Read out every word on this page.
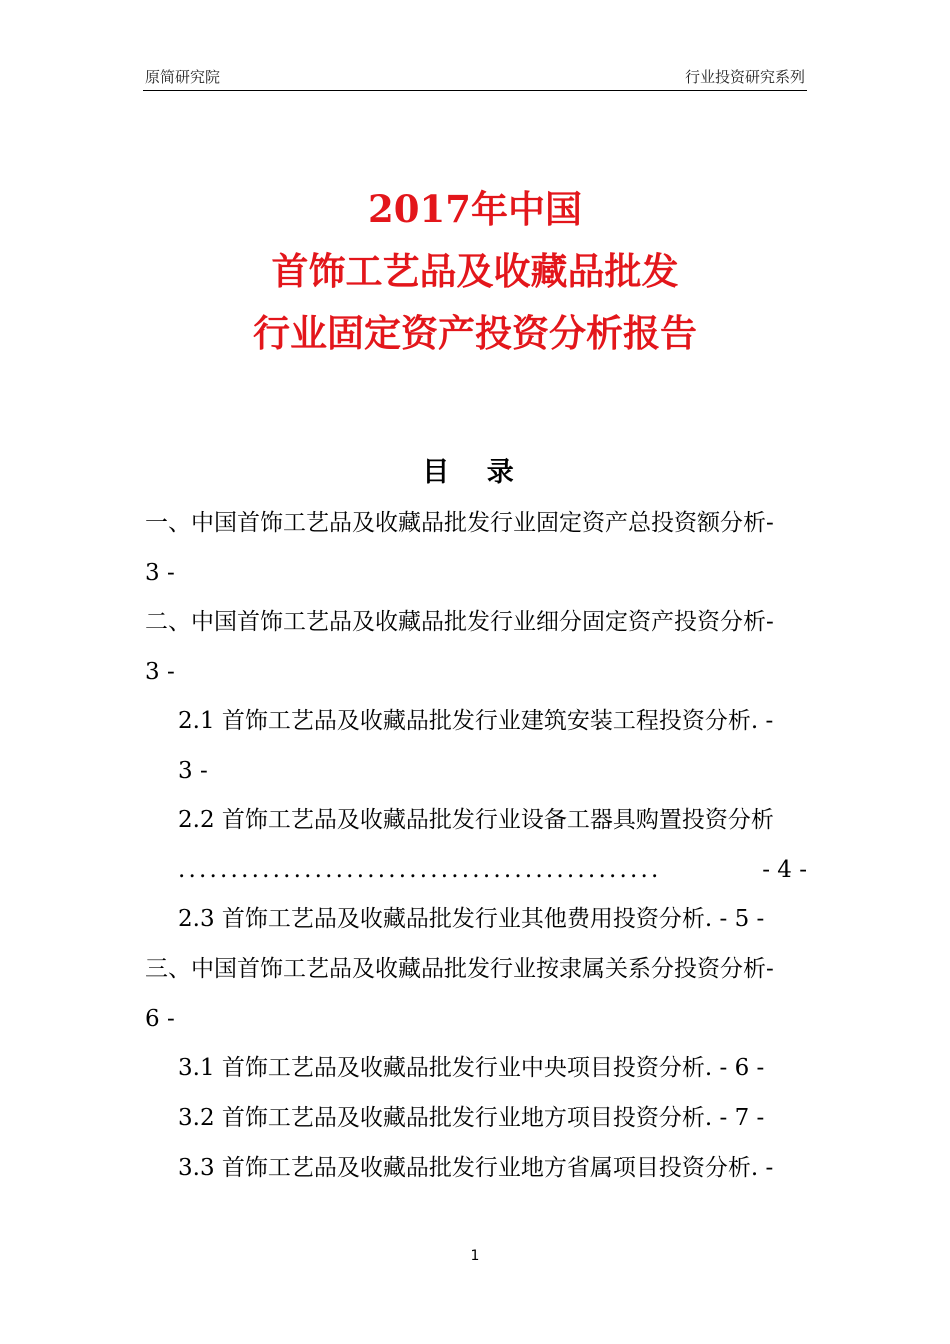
原简研究院	行业投资研究系列
2017年中国
首饰工艺品及收藏品批发
行业固定资产投资分析报告
目 录
一、中国首饰工艺品及收藏品批发行业固定资产总投资额分析-
3 -
二、中国首饰工艺品及收藏品批发行业细分固定资产投资分析-
3 -
2.1 首饰工艺品及收藏品批发行业建筑安装工程投资分析. -
3 -
2.2 首饰工艺品及收藏品批发行业设备工器具购置投资分析
..............................................	- 4 -
2.3 首饰工艺品及收藏品批发行业其他费用投资分析. - 5 -
三、中国首饰工艺品及收藏品批发行业按隶属关系分投资分析-
6 -
3.1 首饰工艺品及收藏品批发行业中央项目投资分析. - 6 -
3.2 首饰工艺品及收藏品批发行业地方项目投资分析. - 7 -
3.3 首饰工艺品及收藏品批发行业地方省属项目投资分析. -
1
